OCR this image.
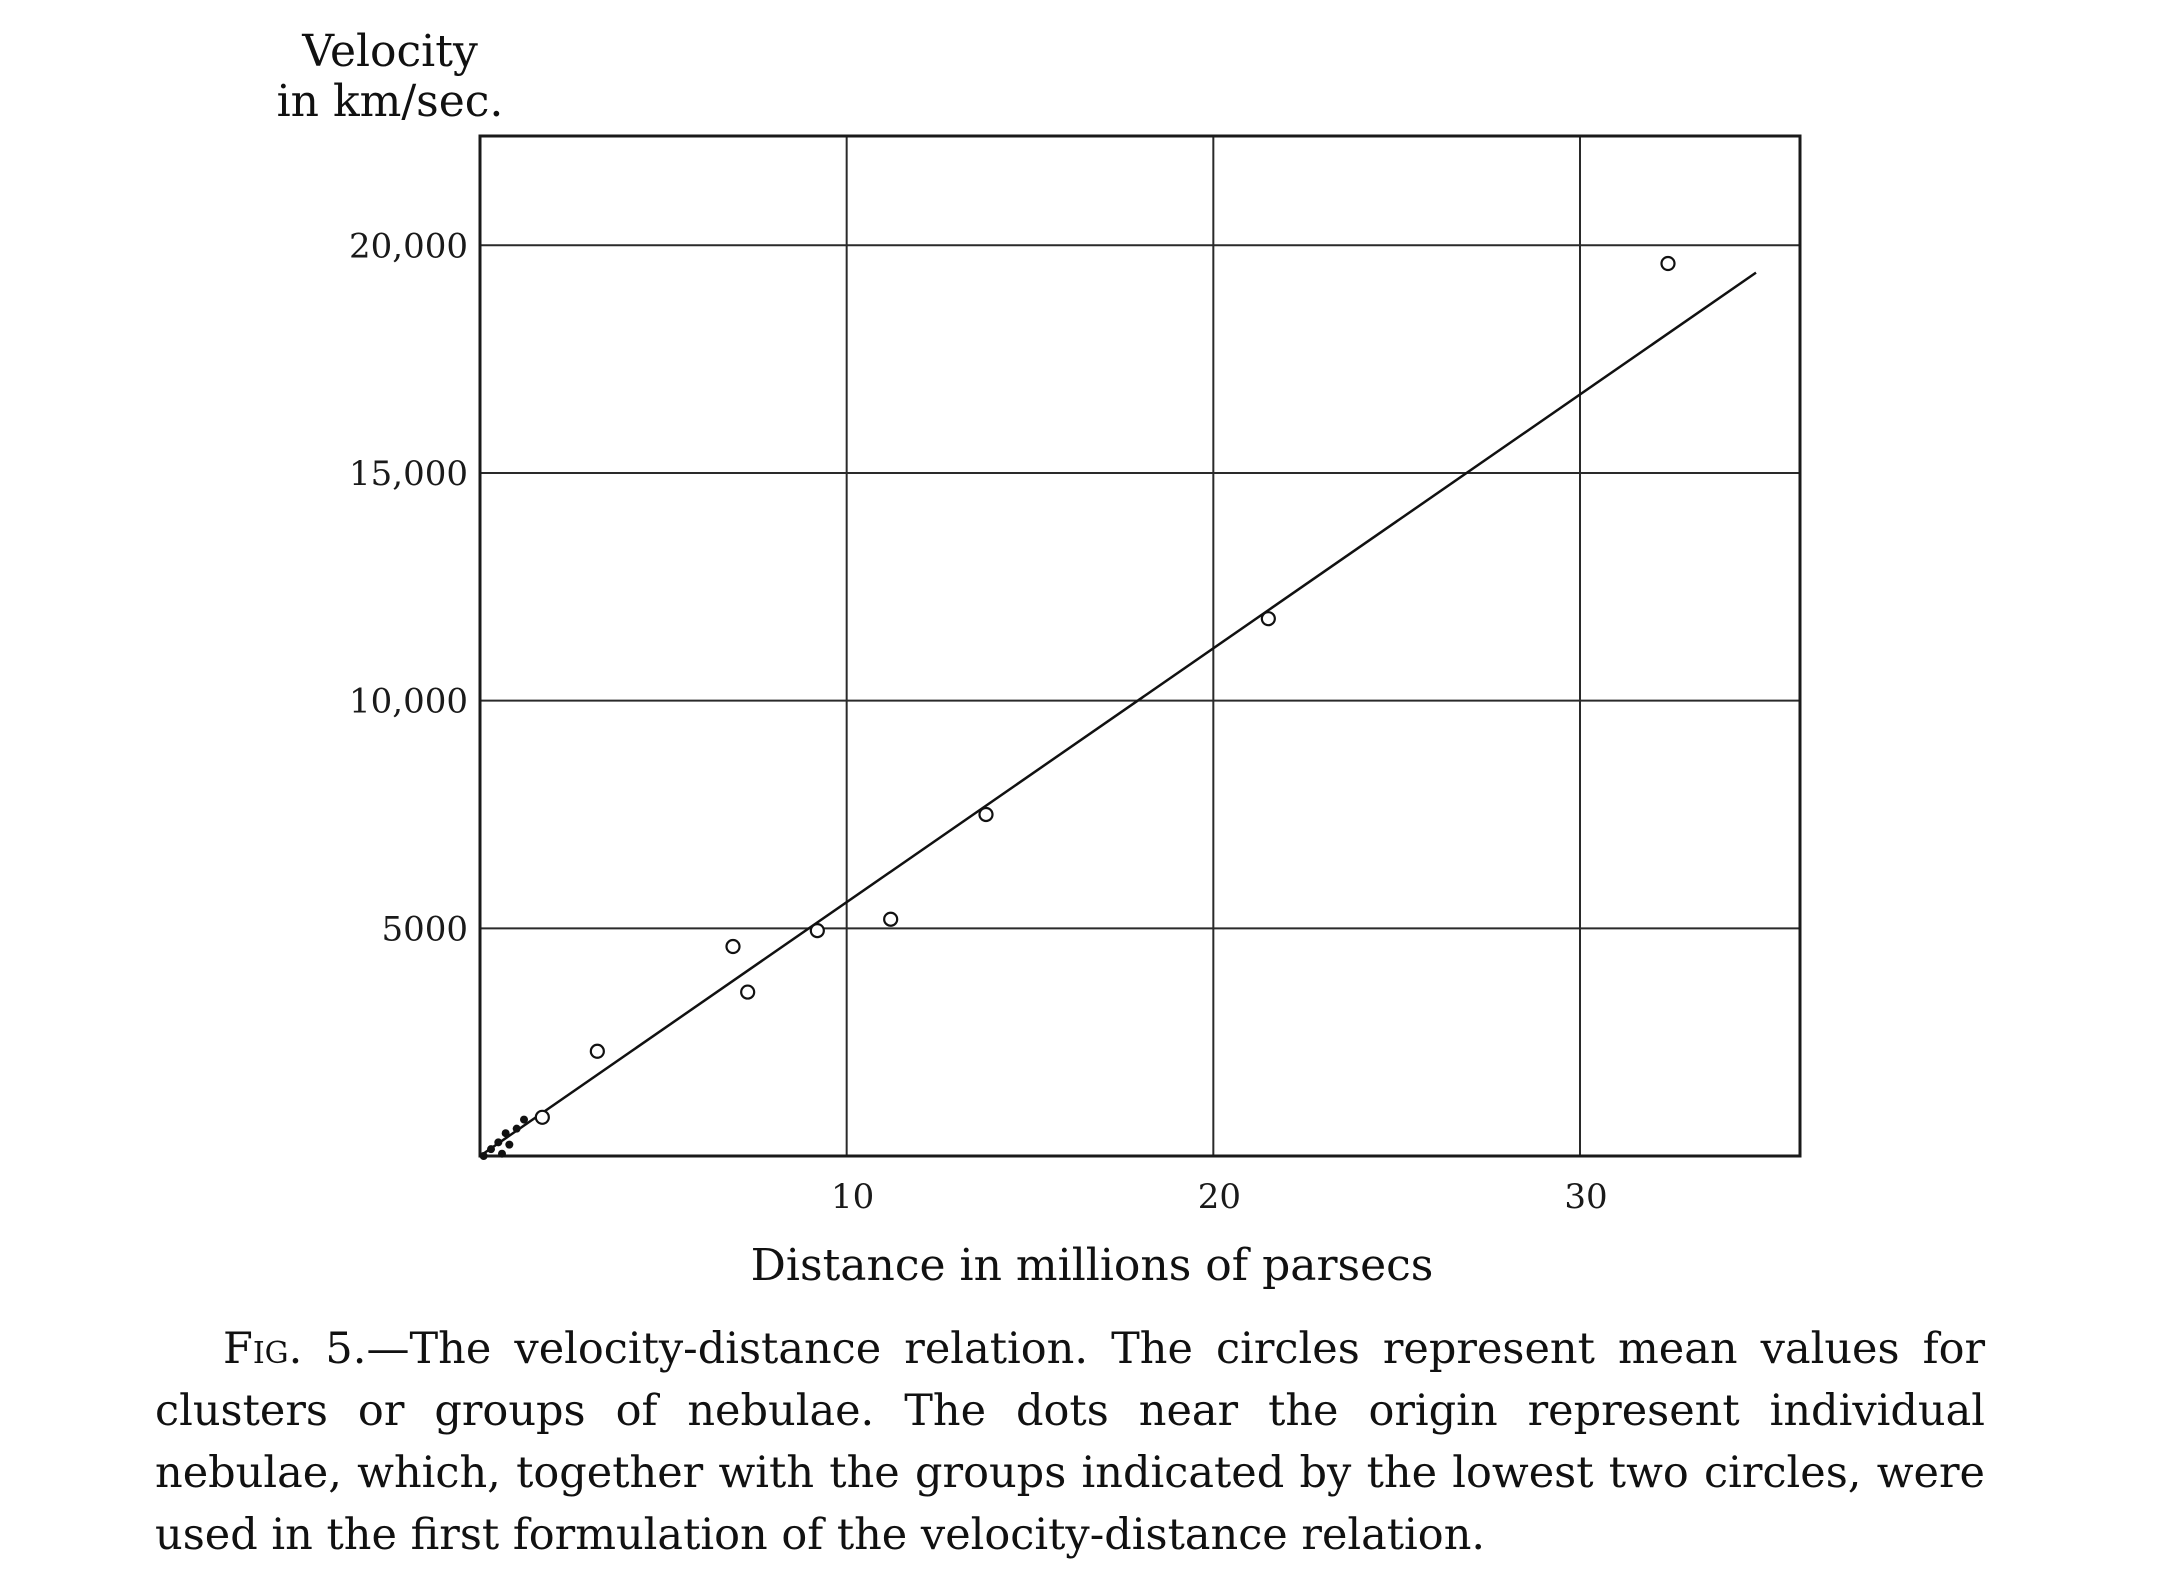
5000
10,000
15,000
20,000
10	20	30
Velocity
in km/sec.
Distance in millions of parsecs

Fig. 5.—The velocity-distance relation. The circles represent mean values for clusters or groups of nebulae. The dots near the origin represent individual nebulae, which, together with the groups indicated by the lowest two circles, were used in the first formulation of the velocity-distance relation.
